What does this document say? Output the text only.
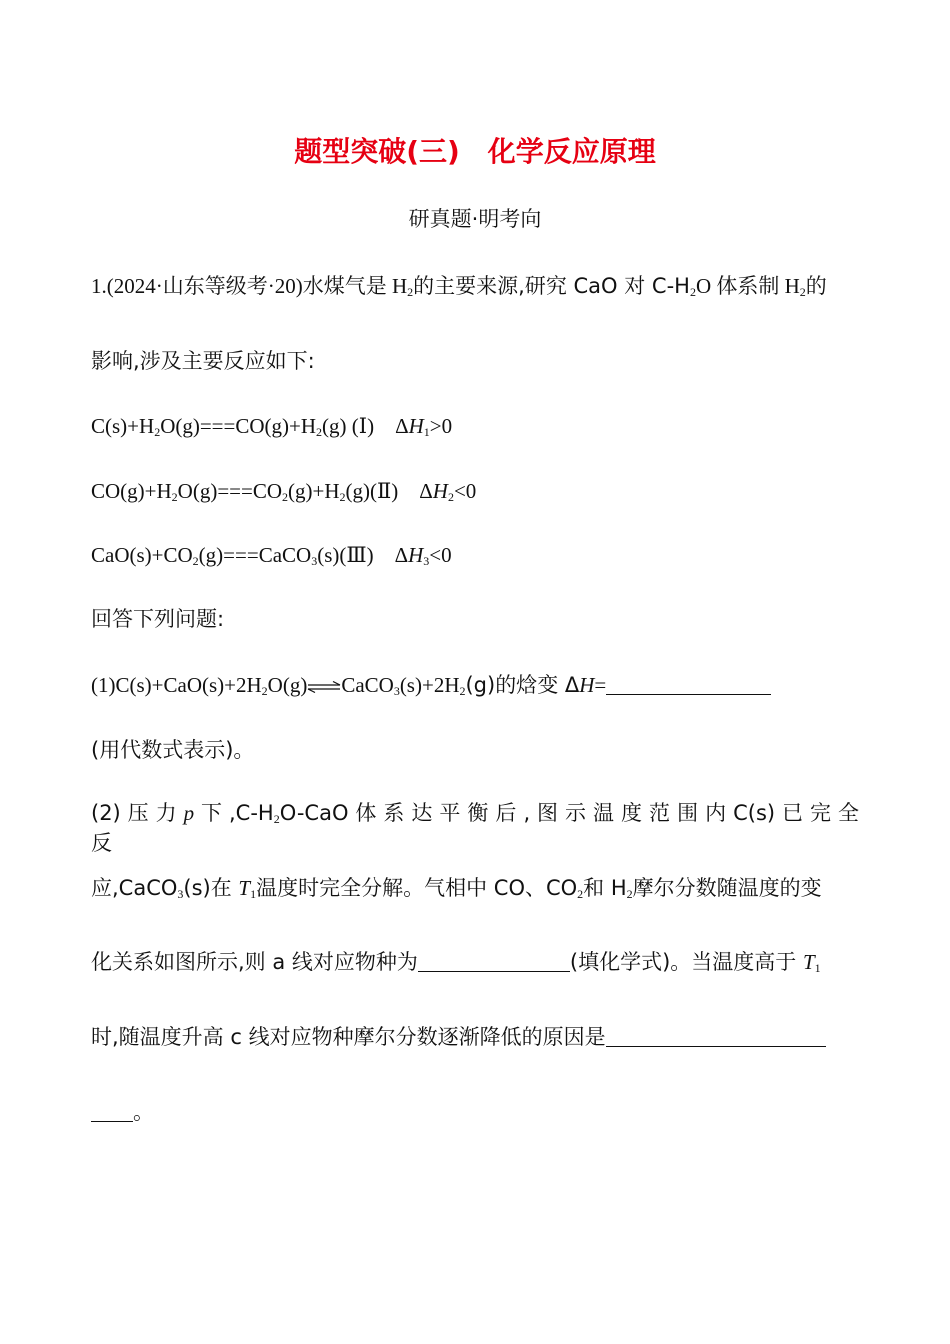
题型突破(三)　化学反应原理
研真题·明考向
1.(2024·山东等级考·20)水煤气是 $H_2$的主要来源,研究 CaO 对 $C-H_2O$ 体系制 $H_2$的
影响,涉及主要反应如下:
$C(s)+H_2O(g)===CO(g)+H_2(g)$ (Ⅰ)　$\Delta H_1>0$
$CO(g)+H_2O(g)===CO_2(g)+H_2(g)(Ⅱ)$　$\Delta H_2<0$
$CaO(s)+CO_2(g)===CaCO_3(s)(Ⅲ)$　$\Delta H_3<0$
回答下列问题:
$(1)C(s)+CaO(s)+2H_2O(g)\rightleftharpoons CaCO_3(s)+2H_2(g)$的焓变 ΔH=
(用代数式表示)。
(2) 压 力 p 下 $,C-H_2O$-CaO 体 系 达 平 衡 后 , 图 示 温 度 范 围 内 C(s) 已 完 全 反
应,CaCO$_3$(s)在 $T_1$温度时完全分解。气相中 CO、$CO_2$和 $H_2$摩尔分数随温度的变
化关系如图所示,则 a 线对应物种为	(填化学式)。当温度高于 $T_1$
时,随温度升高 c 线对应物种摩尔分数逐渐降低的原因是
。
